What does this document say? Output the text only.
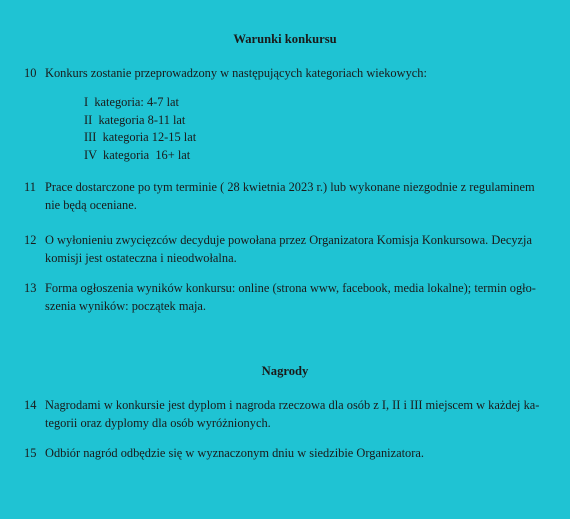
Warunki konkursu
10 Konkurs zostanie przeprowadzony w następujących kategoriach wiekowych:
I  kategoria: 4-7 lat
II  kategoria 8-11 lat
III  kategoria 12-15 lat
IV  kategoria  16+ lat
11 Prace dostarczone po tym terminie ( 28 kwietnia 2023 r.) lub wykonane niezgodnie z regulaminem
nie będą oceniane.
12 O wyłonieniu zwycięzców decyduje powołana przez Organizatora Komisja Konkursowa. Decyzja
komisji jest ostateczna i nieodwołalna.
13 Forma ogłoszenia wyników konkursu: online (strona www, facebook, media lokalne); termin ogło-
szenia wyników: początek maja.
Nagrody
14 Nagrodami w konkursie jest dyplom i nagroda rzeczowa dla osób z I, II i III miejscem w każdej ka-
tegorii oraz dyplomy dla osób wyróżnionych.
15 Odbiór nagród odbędzie się w wyznaczonym dniu w siedzibie Organizatora.
